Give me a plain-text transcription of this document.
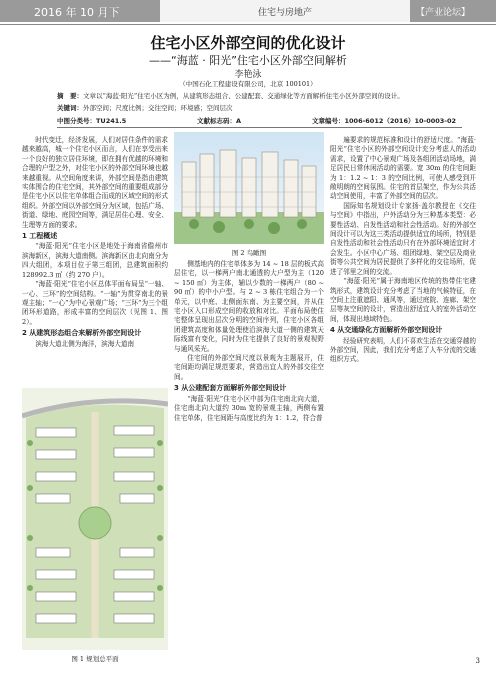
2016 年 10 月下	住宅与房地产	【产业论坛】
住宅小区外部空间的优化设计
——“海蓝 · 阳光”住宅小区外部空间解析
李艳泳
（中国石化工程建设有限公司，北京 100101）
摘　要：文章以“海蓝·阳光”住宅小区为例，从建筑形态组合、公建配套、交通绿化等方面解析住宅小区外部空间的设计。
关键词：外部空间；尺度比例；交往空间；环境感；空间层次
中图分类号：TU241.5	文献标志码：A	文章编号：1006-6012（2016）10-0003-02

时代变迁，经济发展，人们对居住条件的需求越来越高，城一个住宅小区而言，人们在享受出来一个良好的独立居住环境，即在拥有优越的环境和合理的户型之外，对住宅小区的外部空间环境也越来越重视。从空间角度来讲，外部空间是指由建筑实体围合的住宅空间，其外部空间的重要组成部分是住宅小区以住宅单体组合而成的区域空间的形式组织。外部空间以外部空间分为区域，包括广场、街道、绿地、庭园空间等，满足居住心理、安全、生理等方面的要求。

1 工程概述

“海蓝·阳光”住宅小区是地处于海南省儋州市滨海新区，滨海大道南侧。滨海新区由北向南分为四大组团，本项目位于第三组团，总建筑面积约 128992.3 ㎡（约 270 户）。

“海蓝·阳光”住宅小区总体平面布局呈“一轴、一心、三环”的空间结构。“一轴”为贯穿南北的景观主轴；“一心”为中心景观广场；“三环”为三个组团环形道路，形成丰富的空间层次（见图 1、图 2）。

2 从建筑形态组合来解析外部空间设计

滨海大道北侧为海洋，滨海大道南

图 1 规划总平面
图 2 鸟瞰图

侧基地内的住宅单体多为 14 ~ 18 层的板式高层住宅，以一梯两户南北通透的大户型为主（120 ~ 150 ㎡）为主体，辅以少数的一梯两户（80 ~ 90 ㎡）的中小户型。与 2 ~ 3 栋住宅组合为一个单元，以中庭、北侧面东南、为主要空间，并从住宅小区入口形成空间的收放和对比。平面布局使住宅整体呈现出层次分明的空间序列，住宅小区各组团建筑高度和体量处理使沿滨海大道一侧的建筑天际线富有变化，同时为住宅提供了良好的景观视野与通风采光。

住宅间的外部空间尺度以景观为主题展开，住宅间距均满足规范要求，营造出宜人的外部交往空间。

3 从公建配套方面解析外部空间设计

“海蓝·阳光”住宅小区中部为住宅南北向大道，住宅南北向大道约 30m 宽的景观主轴，两侧布置住宅单体，住宅间距与高度比约为 1：1.2，符合普

遍要求的规范标准和设计的舒适尺度。“海蓝·阳光”住宅小区的外部空间设计充分考虑人的活动需求，设置了中心景观广场及各组团活动场地，满足居民日常休闲活动的需要。宽 30m 的住宅间距为 1：1.2 ~ 1：3 的空间比例，可使人感受到开敞明朗的空间氛围。住宅的首层架空，作为公共活动空间使用，丰富了外部空间的层次。

国际知名规划设计专家扬·盖尔教授在《交往与空间》中指出，户外活动分为三种基本类型：必要性活动、自发性活动和社会性活动。好的外部空间设计可以为这三类活动提供适宜的场所，特别是自发性活动和社会性活动只有在外部环境适宜时才会发生。小区中心广场、组团绿地、架空层及商业街等公共空间为居民提供了多样化的交往场所，促进了邻里之间的交流。

“海蓝·阳光”属于海南地区传统的热带住宅建筑形式，建筑设计充分考虑了当地的气候特征，在空间上注重遮阳、通风等，通过庭院、连廊、架空层等灰空间的设计，营造出舒适宜人的室外活动空间，体现出地域特色。

4 从交通绿化方面解析外部空间设计

经验研究表明，人们不喜欢生活在交通穿越的外部空间，因此，我们充分考虑了人车分流的交通组织方式。

3
